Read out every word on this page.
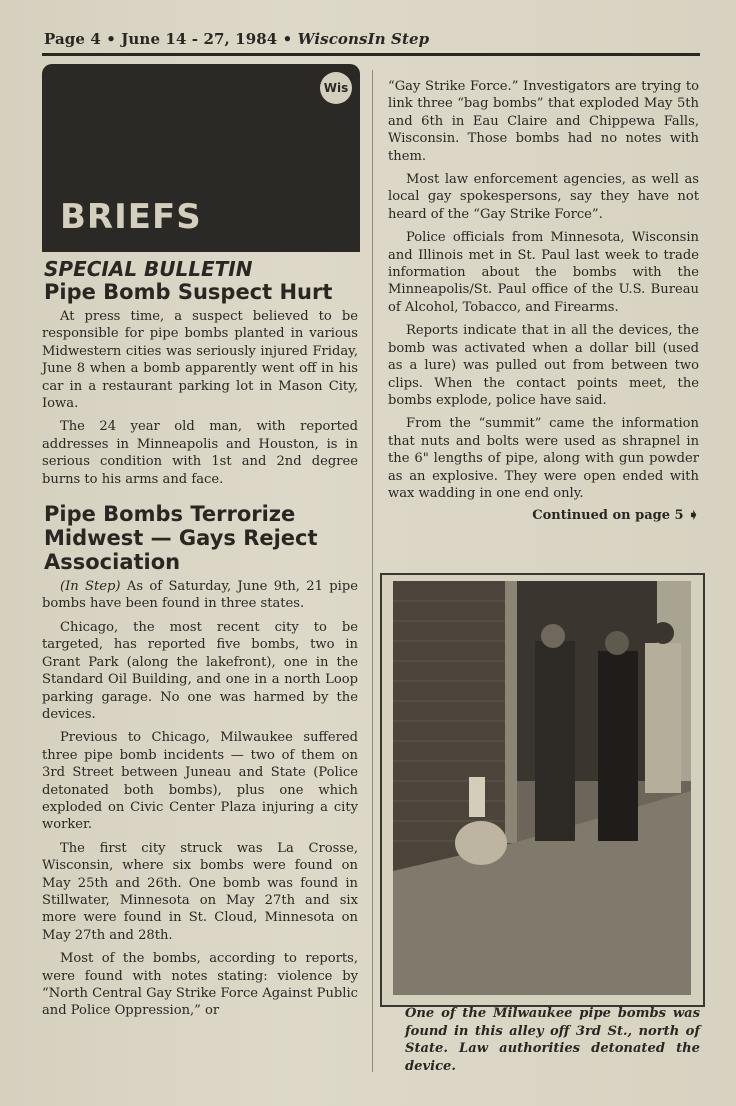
Page 4 • June 14 - 27, 1984 • WisconsIn Step
Wis
BRIEFS
SPECIAL BULLETIN
Pipe Bomb Suspect Hurt

At press time, a suspect believed to be responsible for pipe bombs planted in various Midwestern cities was seriously injured Friday, June 8 when a bomb apparently went off in his car in a restaurant parking lot in Mason City, Iowa.

The 24 year old man, with reported addresses in Minneapolis and Houston, is in serious condition with 1st and 2nd degree burns to his arms and face.

Pipe Bombs Terrorize Midwest — Gays Reject Association

(In Step) As of Saturday, June 9th, 21 pipe bombs have been found in three states.

Chicago, the most recent city to be targeted, has reported five bombs, two in Grant Park (along the lakefront), one in the Standard Oil Building, and one in a north Loop parking garage. No one was harmed by the devices.

Previous to Chicago, Milwaukee suffered three pipe bomb incidents — two of them on 3rd Street between Juneau and State (Police detonated both bombs), plus one which exploded on Civic Center Plaza injuring a city worker.

The first city struck was La Crosse, Wisconsin, where six bombs were found on May 25th and 26th. One bomb was found in Stillwater, Minnesota on May 27th and six more were found in St. Cloud, Minnesota on May 27th and 28th.

Most of the bombs, according to reports, were found with notes stating: violence by “North Central Gay Strike Force Against Public and Police Oppression,” or

“Gay Strike Force.” Investigators are trying to link three “bag bombs” that exploded May 5th and 6th in Eau Claire and Chippewa Falls, Wisconsin. Those bombs had no notes with them.

Most law enforcement agencies, as well as local gay spokespersons, say they have not heard of the “Gay Strike Force”.

Police officials from Minnesota, Wisconsin and Illinois met in St. Paul last week to trade information about the bombs with the Minneapolis/St. Paul office of the U.S. Bureau of Alcohol, Tobacco, and Firearms.

Reports indicate that in all the devices, the bomb was activated when a dollar bill (used as a lure) was pulled out from between two clips. When the contact points meet, the bombs explode, police have said.

From the “summit” came the information that nuts and bolts were used as shrapnel in the 6" lengths of pipe, along with gun powder as an explosive. They were open ended with wax wadding in one end only.

Continued on page 5 ➧
One of the Milwaukee pipe bombs was found in this alley off 3rd St., north of State. Law authorities detonated the device.
